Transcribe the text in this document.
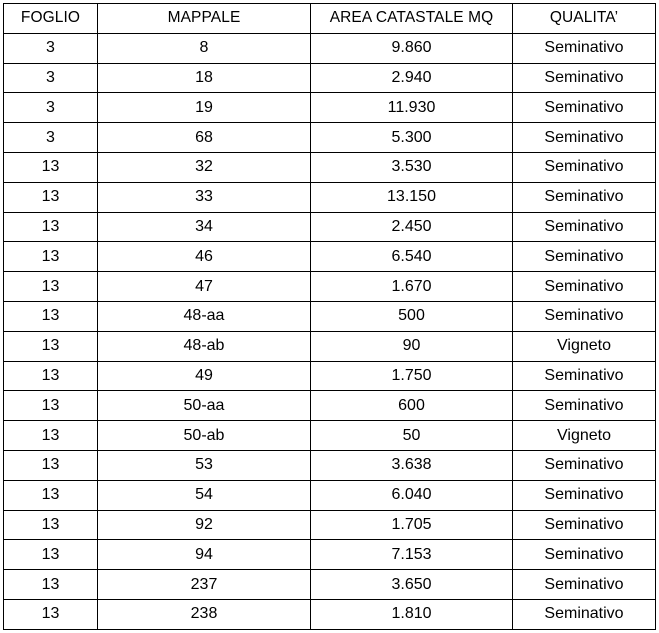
FOGLIO	MAPPALE	AREA CATASTALE MQ	QUALITA’
3	8	9.860	Seminativo
3	18	2.940	Seminativo
3	19	11.930	Seminativo
3	68	5.300	Seminativo
13	32	3.530	Seminativo
13	33	13.150	Seminativo
13	34	2.450	Seminativo
13	46	6.540	Seminativo
13	47	1.670	Seminativo
13	48-aa	500	Seminativo
13	48-ab	90	Vigneto
13	49	1.750	Seminativo
13	50-aa	600	Seminativo
13	50-ab	50	Vigneto
13	53	3.638	Seminativo
13	54	6.040	Seminativo
13	92	1.705	Seminativo
13	94	7.153	Seminativo
13	237	3.650	Seminativo
13	238	1.810	Seminativo
